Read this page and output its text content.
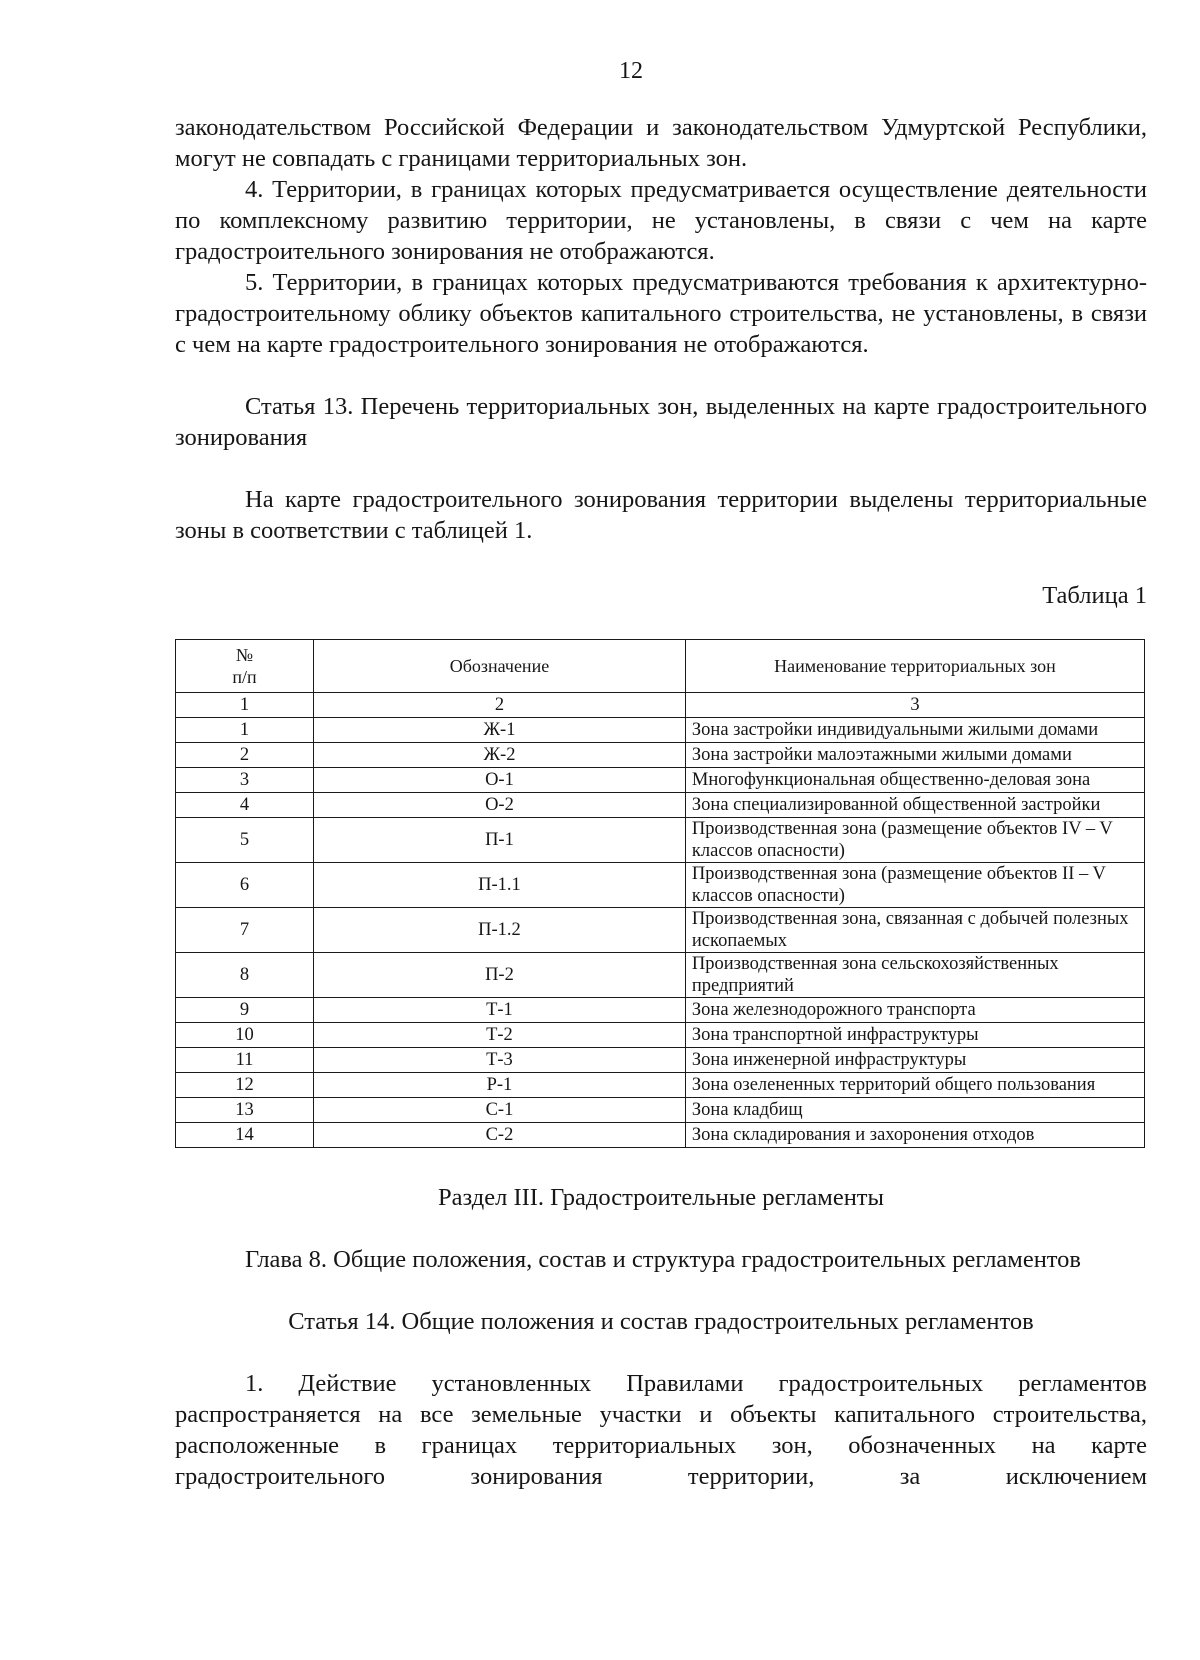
12

законодательством Российской Федерации и законодательством Удмуртской Республики, могут не совпадать с границами территориальных зон.

4. Территории, в границах которых предусматривается осуществление деятельности по комплексному развитию территории, не установлены, в связи с чем на карте градостроительного зонирования не отображаются.

5. Территории, в границах которых предусматриваются требования к архитектурно-градостроительному облику объектов капитального строительства, не установлены, в связи с чем на карте градостроительного зонирования не отображаются.

Статья 13. Перечень территориальных зон, выделенных на карте градостроительного зонирования

На карте градостроительного зонирования территории выделены территориальные зоны в соответствии с таблицей 1.

Таблица 1

№
п/п	Обозначение	Наименование территориальных зон
1	2	3
1	Ж-1	Зона застройки индивидуальными жилыми домами
2	Ж-2	Зона застройки малоэтажными жилыми домами
3	О-1	Многофункциональная общественно-деловая зона
4	О-2	Зона специализированной общественной застройки
5	П-1	Производственная зона (размещение объектов IV – V классов опасности)
6	П-1.1	Производственная зона (размещение объектов II – V классов опасности)
7	П-1.2	Производственная зона, связанная с добычей полезных ископаемых
8	П-2	Производственная зона сельскохозяйственных предприятий
9	Т-1	Зона железнодорожного транспорта
10	Т-2	Зона транспортной инфраструктуры
11	Т-3	Зона инженерной инфраструктуры
12	Р-1	Зона озелененных территорий общего пользования
13	С-1	Зона кладбищ
14	С-2	Зона складирования и захоронения отходов

Раздел III. Градостроительные регламенты

Глава 8. Общие положения, состав и структура градостроительных регламентов

Статья 14. Общие положения и состав градостроительных регламентов

1. Действие установленных Правилами градостроительных регламентов распространяется на все земельные участки и объекты капитального строительства, расположенные в границах территориальных зон, обозначенных на карте градостроительного зонирования территории, за исключением
